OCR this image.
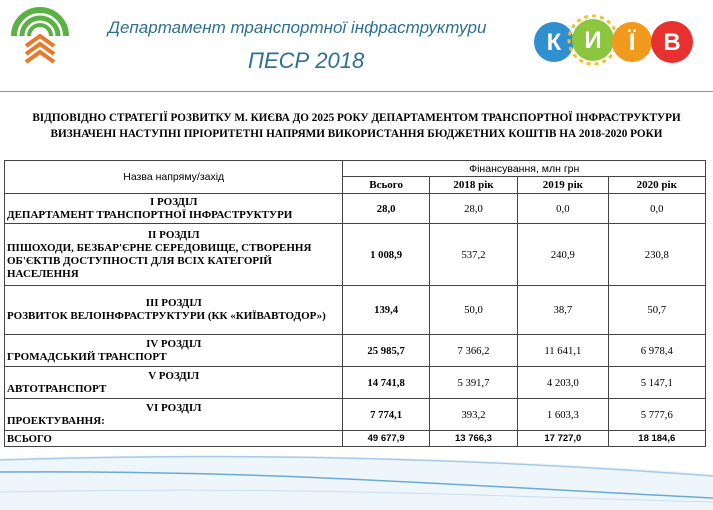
Департамент транспортної інфраструктури
ПЕСР 2018
К И Ї В
ВІДПОВІДНО СТРАТЕГІЇ РОЗВИТКУ М. КИЄВА ДО 2025 РОКУ ДЕПАРТАМЕНТОМ ТРАНСПОРТНОЇ ІНФРАСТРУКТУРИ
ВИЗНАЧЕНІ НАСТУПНІ ПРІОРИТЕТНІ НАПРЯМИ ВИКОРИСТАННЯ БЮДЖЕТНИХ КОШТІВ НА 2018-2020 РОКИ
Назва напряму/захід	Фінансування, млн грн			
	Всього	2018 рік	2019 рік	2020 рік

І РОЗДІЛ
ДЕПАРТАМЕНТ ТРАНСПОРТНОЇ ІНФРАСТРУКТУРИ	28,0	28,0	0,0	0,0

ІІ РОЗДІЛ
ПІШОХОДИ, БЕЗБАР'ЄРНЕ СЕРЕДОВИЩЕ, СТВОРЕННЯ ОБ'ЄКТІВ ДОСТУПНОСТІ ДЛЯ ВСІХ КАТЕГОРІЙ НАСЕЛЕННЯ	1 008,9	537,2	240,9	230,8

ІІІ РОЗДІЛ
РОЗВИТОК ВЕЛОІНФРАСТРУКТУРИ (КК «КИЇВАВТОДОР»)	139,4	50,0	38,7	50,7

IV РОЗДІЛ
ГРОМАДСЬКИЙ ТРАНСПОРТ	25 985,7	7 366,2	11 641,1	6 978,4

V РОЗДІЛ
АВТОТРАНСПОРТ	14 741,8	5 391,7	4 203,0	5 147,1

VI РОЗДІЛ
ПРОЕКТУВАННЯ:	7 774,1	393,2	1 603,3	5 777,6
ВСЬОГО	49 677,9	13 766,3	17 727,0	18 184,6
